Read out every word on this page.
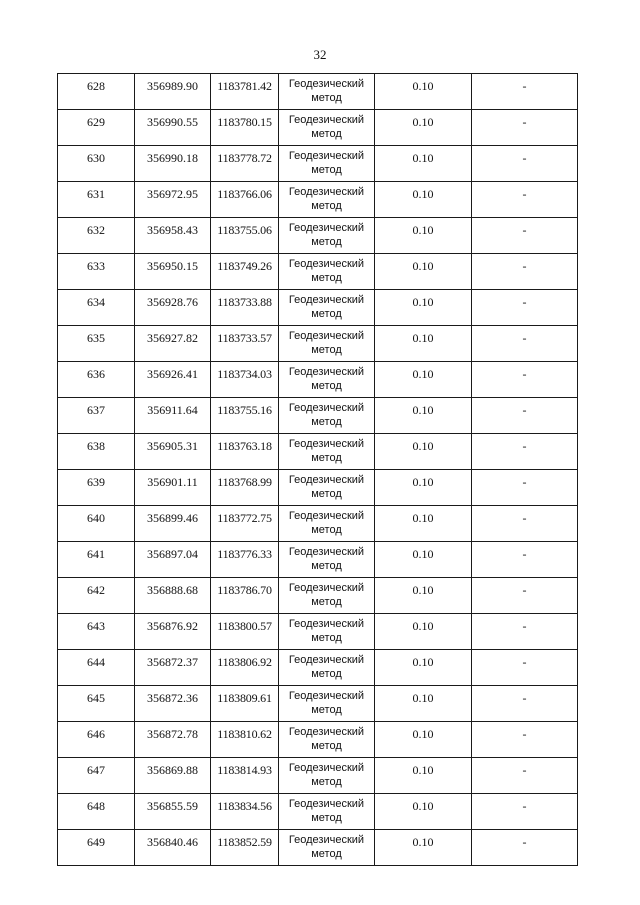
32
628	356989.90	1183781.42	Геодезический метод	0.10	-

629	356990.55	1183780.15	Геодезический метод	0.10	-

630	356990.18	1183778.72	Геодезический метод	0.10	-

631	356972.95	1183766.06	Геодезический метод	0.10	-

632	356958.43	1183755.06	Геодезический метод	0.10	-

633	356950.15	1183749.26	Геодезический метод	0.10	-

634	356928.76	1183733.88	Геодезический метод	0.10	-

635	356927.82	1183733.57	Геодезический метод	0.10	-

636	356926.41	1183734.03	Геодезический метод	0.10	-

637	356911.64	1183755.16	Геодезический метод	0.10	-

638	356905.31	1183763.18	Геодезический метод	0.10	-

639	356901.11	1183768.99	Геодезический метод	0.10	-

640	356899.46	1183772.75	Геодезический метод	0.10	-

641	356897.04	1183776.33	Геодезический метод	0.10	-

642	356888.68	1183786.70	Геодезический метод	0.10	-

643	356876.92	1183800.57	Геодезический метод	0.10	-

644	356872.37	1183806.92	Геодезический метод	0.10	-

645	356872.36	1183809.61	Геодезический метод	0.10	-

646	356872.78	1183810.62	Геодезический метод	0.10	-

647	356869.88	1183814.93	Геодезический метод	0.10	-

648	356855.59	1183834.56	Геодезический метод	0.10	-

649	356840.46	1183852.59	Геодезический метод	0.10	-
